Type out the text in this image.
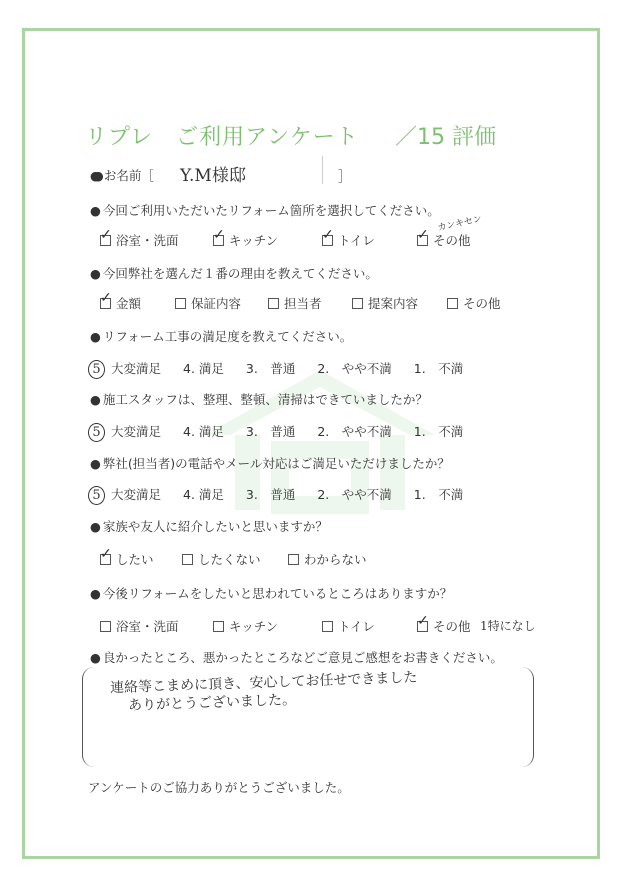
リプレ　ご利用アンケート ／15 評価
● ●お名前［ Y.M様邸	］
● 今回ご利用いただいたリフォーム箇所を選択してください。
✓ 浴室・洗面 ✓ キッチン	✓ トイレ	✓ その他
カンキセン
● 今回弊社を選んだ１番の理由を教えてください。
✓ 金額	保証内容	担当者	提案内容	その他
● リフォーム工事の満足度を教えてください。
5 大変満足 4. 満足 3.　普通 2.　やや不満 1.　不満
● 施工スタッフは、整理、整頓、清掃はできていましたか？
5 大変満足 4. 満足 3.　普通 2.　やや不満 1.　不満
● 弊社(担当者)の電話やメール対応はご満足いただけましたか？
5 大変満足 4. 満足 3.　普通 2.　やや不満 1.　不満
● 家族や友人に紹介したいと思いますか？
✓ したい	したくない	わからない
● 今後リフォームをしたいと思われているところはありますか？
浴室・洗面	キッチン	トイレ	✓ その他 1特になし
● 良かったところ、悪かったところなどご意見ご感想をお書きください。
連絡等こまめに頂き、安心してお任せできました
ありがとうございました。
アンケートのご協力ありがとうございました。
